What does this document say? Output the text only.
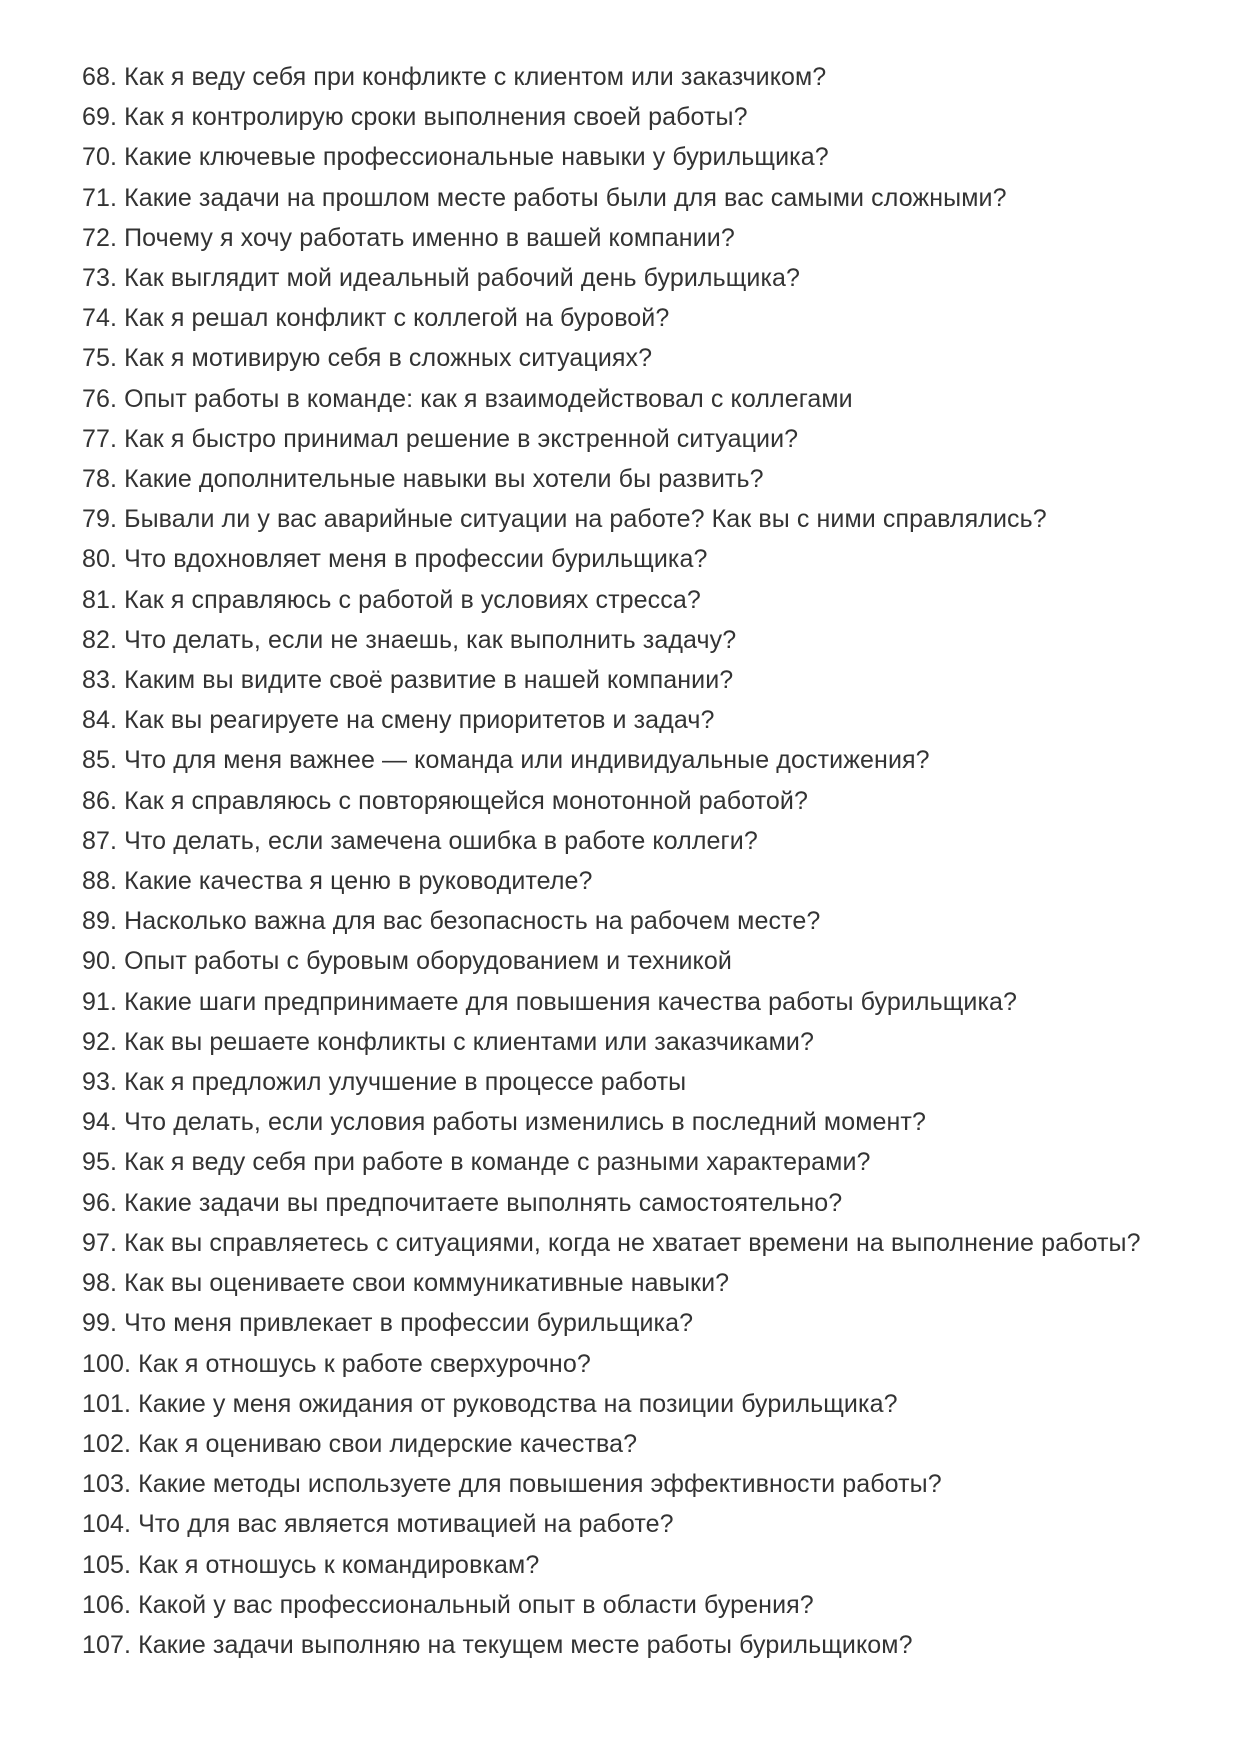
68. Как я веду себя при конфликте с клиентом или заказчиком?
69. Как я контролирую сроки выполнения своей работы?
70. Какие ключевые профессиональные навыки у бурильщика?
71. Какие задачи на прошлом месте работы были для вас самыми сложными?
72. Почему я хочу работать именно в вашей компании?
73. Как выглядит мой идеальный рабочий день бурильщика?
74. Как я решал конфликт с коллегой на буровой?
75. Как я мотивирую себя в сложных ситуациях?
76. Опыт работы в команде: как я взаимодействовал с коллегами
77. Как я быстро принимал решение в экстренной ситуации?
78. Какие дополнительные навыки вы хотели бы развить?
79. Бывали ли у вас аварийные ситуации на работе? Как вы с ними справлялись?
80. Что вдохновляет меня в профессии бурильщика?
81. Как я справляюсь с работой в условиях стресса?
82. Что делать, если не знаешь, как выполнить задачу?
83. Каким вы видите своё развитие в нашей компании?
84. Как вы реагируете на смену приоритетов и задач?
85. Что для меня важнее — команда или индивидуальные достижения?
86. Как я справляюсь с повторяющейся монотонной работой?
87. Что делать, если замечена ошибка в работе коллеги?
88. Какие качества я ценю в руководителе?
89. Насколько важна для вас безопасность на рабочем месте?
90. Опыт работы с буровым оборудованием и техникой
91. Какие шаги предпринимаете для повышения качества работы бурильщика?
92. Как вы решаете конфликты с клиентами или заказчиками?
93. Как я предложил улучшение в процессе работы
94. Что делать, если условия работы изменились в последний момент?
95. Как я веду себя при работе в команде с разными характерами?
96. Какие задачи вы предпочитаете выполнять самостоятельно?
97. Как вы справляетесь с ситуациями, когда не хватает времени на выполнение работы?
98. Как вы оцениваете свои коммуникативные навыки?
99. Что меня привлекает в профессии бурильщика?
100. Как я отношусь к работе сверхурочно?
101. Какие у меня ожидания от руководства на позиции бурильщика?
102. Как я оцениваю свои лидерские качества?
103. Какие методы используете для повышения эффективности работы?
104. Что для вас является мотивацией на работе?
105. Как я отношусь к командировкам?
106. Какой у вас профессиональный опыт в области бурения?
107. Какие задачи выполняю на текущем месте работы бурильщиком?
